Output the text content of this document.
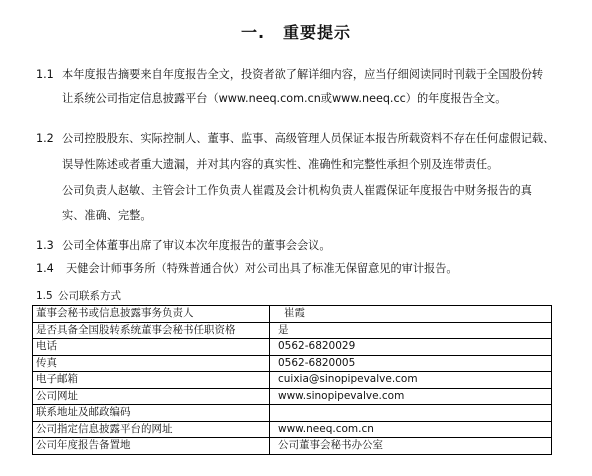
一. 重要提示
1.1 本年度报告摘要来自年度报告全文，投资者欲了解详细内容，应当仔细阅读同时刊载于全国股份转
让系统公司指定信息披露平台（www.neeq.com.cn或www.neeq.cc）的年度报告全文。
1.2 公司控股股东、实际控制人、董事、监事、高级管理人员保证本报告所载资料不存在任何虚假记载、
误导性陈述或者重大遗漏，并对其内容的真实性、准确性和完整性承担个别及连带责任。
公司负责人赵敏、主管会计工作负责人崔霞及会计机构负责人崔霞保证年度报告中财务报告的真
实、准确、完整。
1.3 公司全体董事出席了审议本次年度报告的董事会会议。
1.4 天健会计师事务所（特殊普通合伙）对公司出具了标准无保留意见的审计报告。
1.5 公司联系方式
董事会秘书或信息披露事务负责人	崔霞
是否具备全国股转系统董事会秘书任职资格	是
电话	0562-6820029
传真	0562-6820005
电子邮箱	cuixia@sinopipevalve.com
公司网址	www.sinopipevalve.com
联系地址及邮政编码	
公司指定信息披露平台的网址	www.neeq.com.cn
公司年度报告备置地	公司董事会秘书办公室
